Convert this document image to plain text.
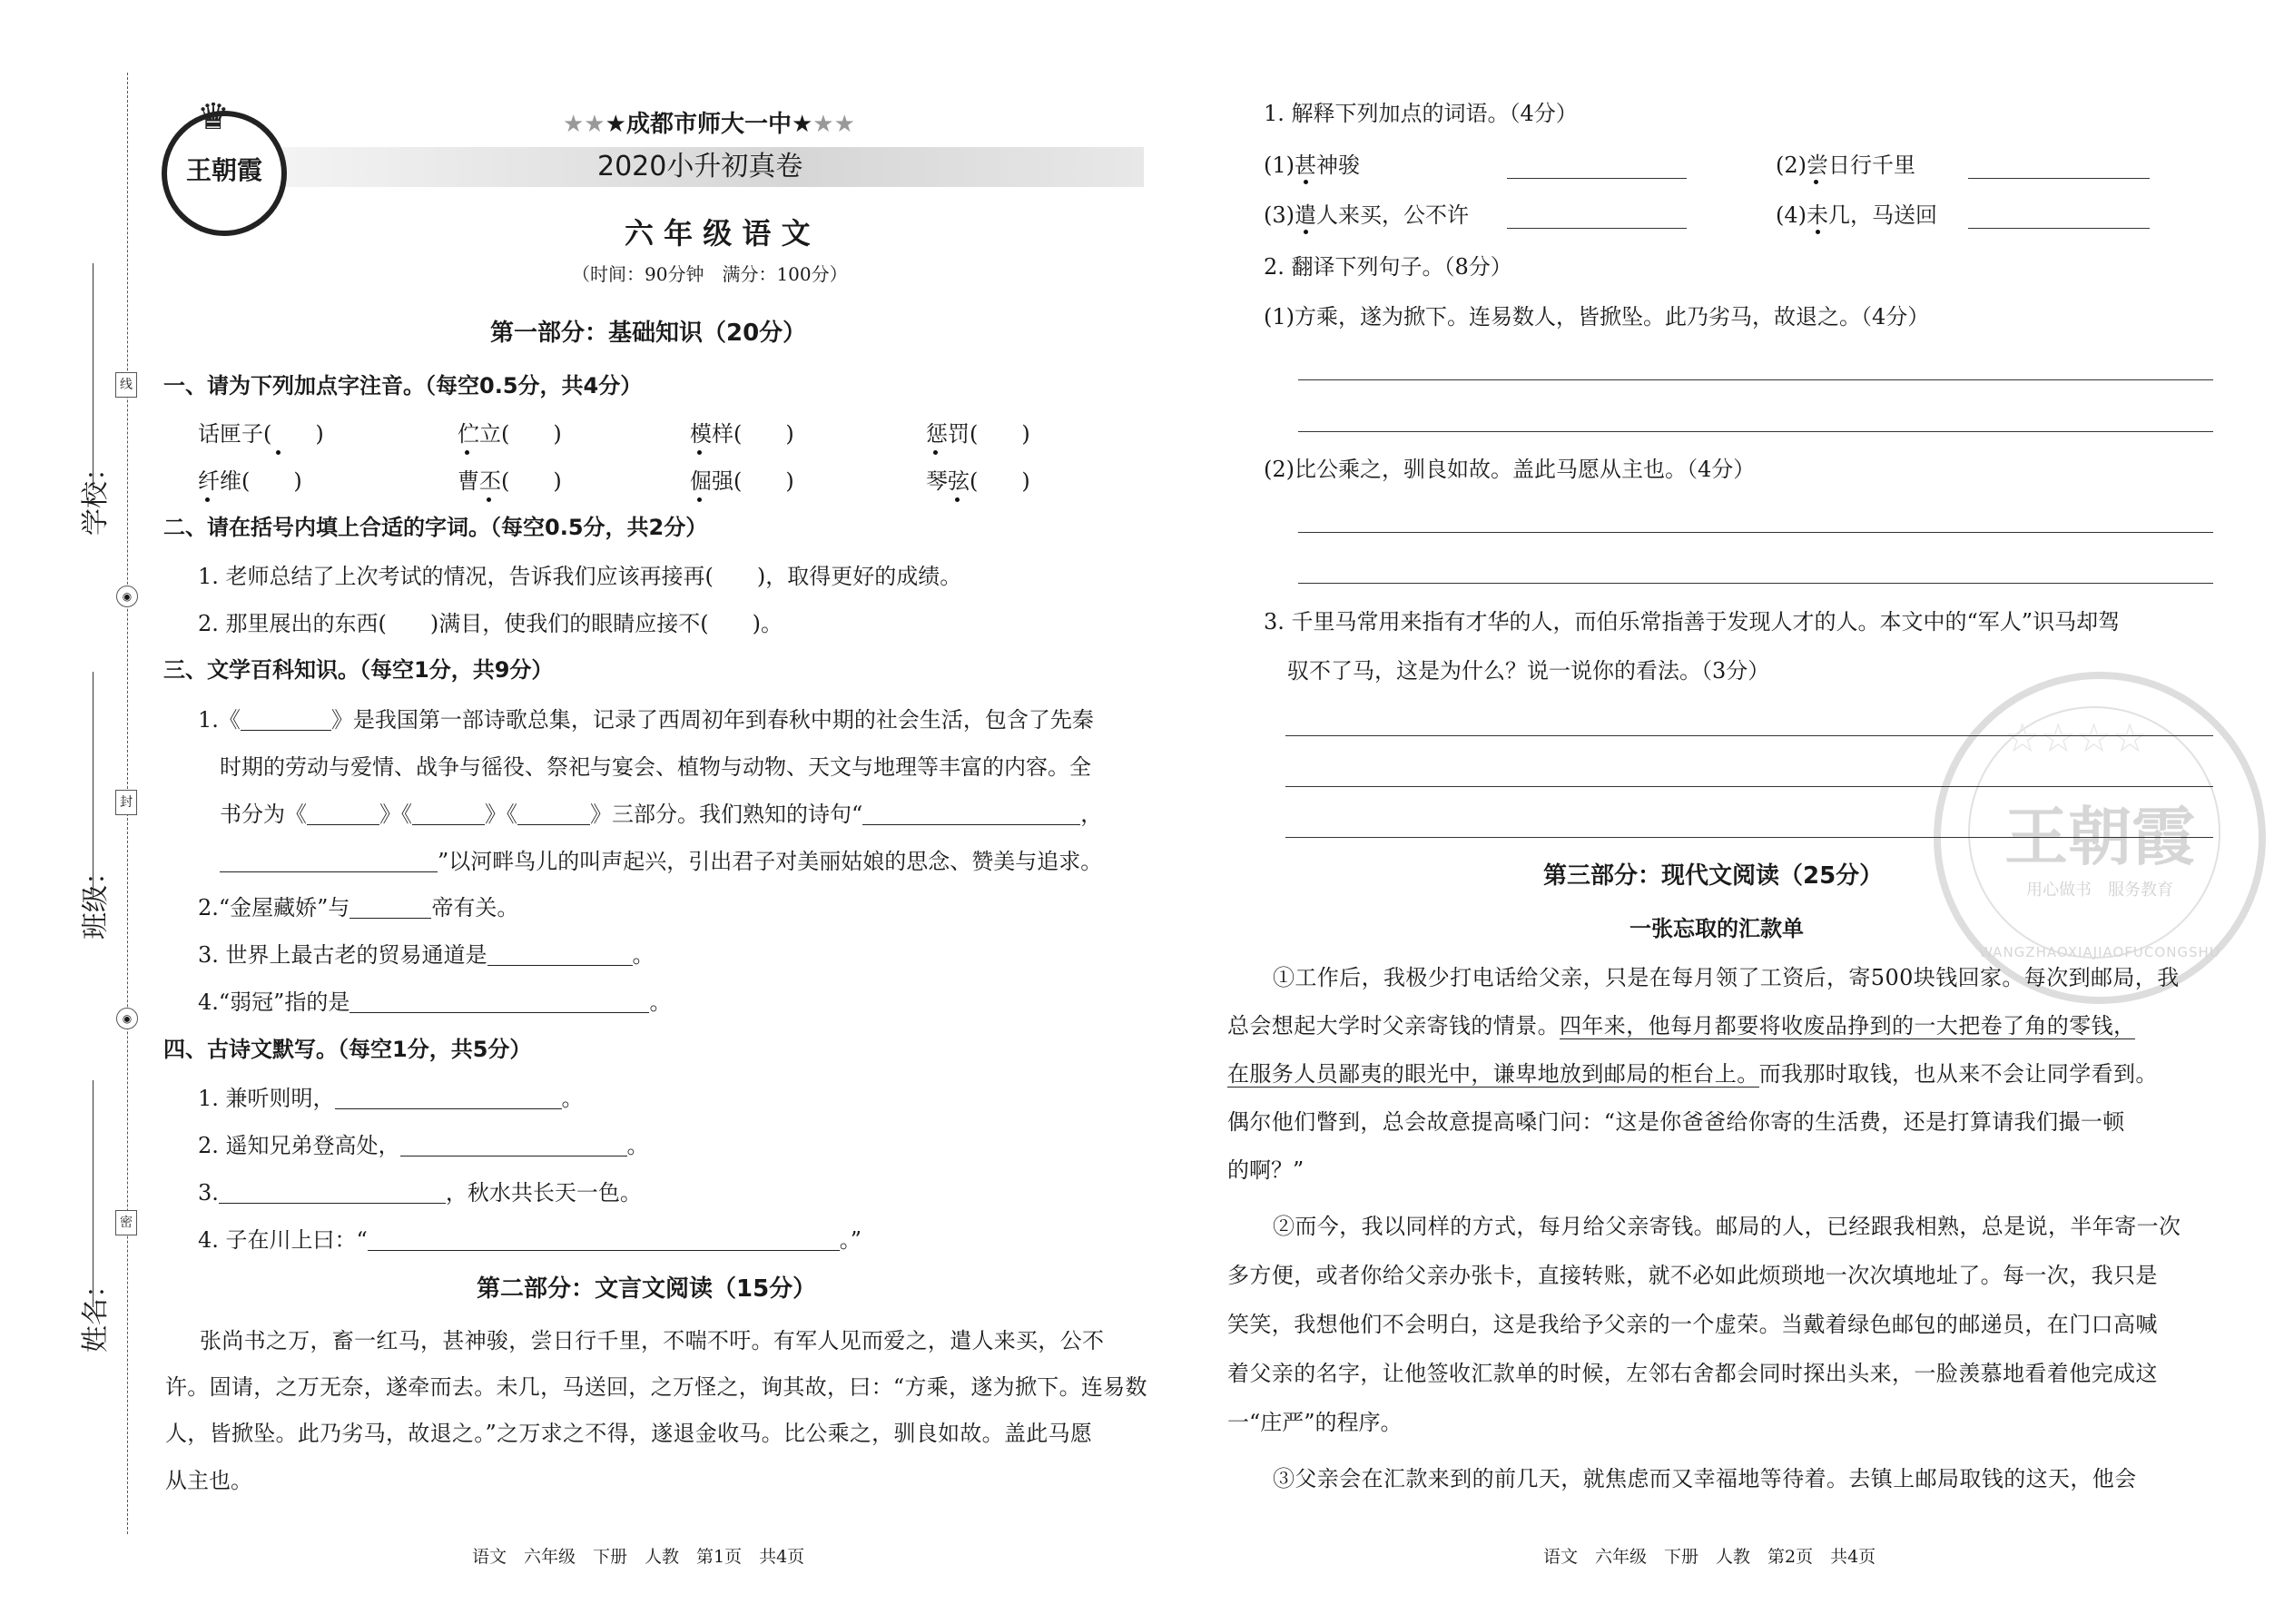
学校：
班级：
姓名：
线
封
密
◉
◉
♛
王朝霞
★★★成都市师大一中★★★
2020小升初真卷
六 年 级 语 文
（时间：90分钟　满分：100分）
第一部分：基础知识（20分）
一、请为下列加点字注音。（每空0.5分，共4分）
话匣子(　　)	伫立(　　)	模样(　　)	惩罚(　　)
纤维(　　)	曹丕(　　)	倔强(　　)	琴弦(　　)
二、请在括号内填上合适的字词。（每空0.5分，共2分）
1. 老师总结了上次考试的情况，告诉我们应该再接再(　　)，取得更好的成绩。
2. 那里展出的东西(　　)满目，使我们的眼睛应接不(　　)。
三、文学百科知识。（每空1分，共9分）
1.《	》是我国第一部诗歌总集，记录了西周初年到春秋中期的社会生活，包含了先秦
时期的劳动与爱情、战争与徭役、祭祀与宴会、植物与动物、天文与地理等丰富的内容。全
书分为《	》《	》《	》三部分。我们熟知的诗句“	，
”以河畔鸟儿的叫声起兴，引出君子对美丽姑娘的思念、赞美与追求。
2.“金屋藏娇”与	帝有关。
3. 世界上最古老的贸易通道是	。
4.“弱冠”指的是	。
四、古诗文默写。（每空1分，共5分）
1. 兼听则明，	。
2. 遥知兄弟登高处，	。
3.	，秋水共长天一色。
4. 子在川上曰：“	。”
第二部分：文言文阅读（15分）
张尚书之万，畜一红马，甚神骏，尝日行千里，不喘不吁。有军人见而爱之，遣人来买，公不
许。固请，之万无奈，遂牵而去。未几，马送回，之万怪之，询其故，曰：“方乘，遂为掀下。连易数
人，皆掀坠。此乃劣马，故退之。”之万求之不得，遂退金收马。比公乘之，驯良如故。盖此马愿
从主也。
语文　六年级　下册　人教　第1页　共4页
王朝霞
用心做书　服务教育
WANGZHAOXIAJIAOFUCONGSHU
☆☆☆☆
1. 解释下列加点的词语。（4分）
(1)甚神骏	(2)尝日行千里
(3)遣人来买，公不许	(4)未几，马送回
2. 翻译下列句子。（8分）
(1)方乘，遂为掀下。连易数人，皆掀坠。此乃劣马，故退之。（4分）
(2)比公乘之，驯良如故。盖此马愿从主也。（4分）
3. 千里马常用来指有才华的人，而伯乐常指善于发现人才的人。本文中的“军人”识马却驾
驭不了马，这是为什么？说一说你的看法。（3分）
第三部分：现代文阅读（25分）
一张忘取的汇款单
①工作后，我极少打电话给父亲，只是在每月领了工资后，寄500块钱回家。每次到邮局，我
总会想起大学时父亲寄钱的情景。四年来，他每月都要将收废品挣到的一大把卷了角的零钱，
在服务人员鄙夷的眼光中，谦卑地放到邮局的柜台上。而我那时取钱，也从来不会让同学看到。
偶尔他们瞥到，总会故意提高嗓门问：“这是你爸爸给你寄的生活费，还是打算请我们撮一顿
的啊？”
②而今，我以同样的方式，每月给父亲寄钱。邮局的人，已经跟我相熟，总是说，半年寄一次
多方便，或者你给父亲办张卡，直接转账，就不必如此烦琐地一次次填地址了。每一次，我只是
笑笑，我想他们不会明白，这是我给予父亲的一个虚荣。当戴着绿色邮包的邮递员，在门口高喊
着父亲的名字，让他签收汇款单的时候，左邻右舍都会同时探出头来，一脸羡慕地看着他完成这
一“庄严”的程序。
③父亲会在汇款来到的前几天，就焦虑而又幸福地等待着。去镇上邮局取钱的这天，他会
语文　六年级　下册　人教　第2页　共4页
